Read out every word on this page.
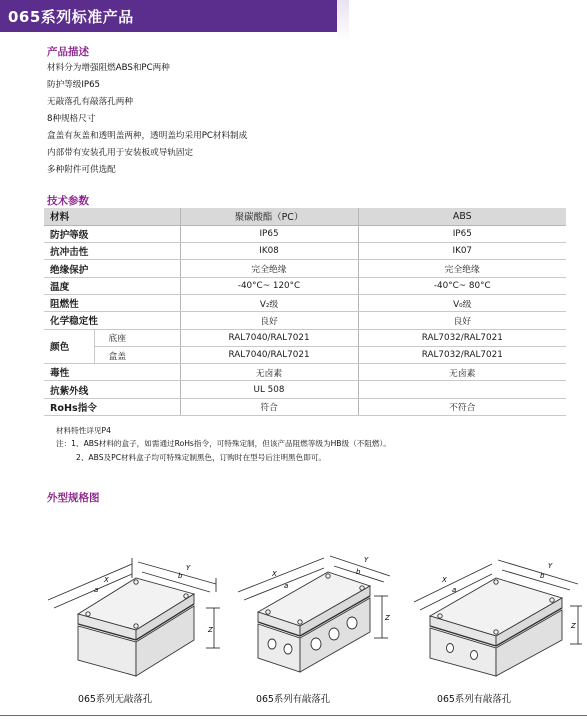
065系列标准产品
产品描述
材料分为增强阻燃ABS和PC两种
防护等级IP65
无敲落孔有敲落孔两种
8种规格尺寸
盒盖有灰盖和透明盖两种，透明盖均采用PC材料制成
内部带有安装孔用于安装板或导轨固定
多种附件可供选配
技术参数
材料		聚碳酸酯（PC）	ABS
防护等级		IP65	IP65
抗冲击性		IK08	IK07
绝缘保护		完全绝缘	完全绝缘
温度		-40°C~ 120°C	-40°C~ 80°C
阻燃性		V₂级	V₀级
化学稳定性		良好	良好
颜色	底座	RAL7040/RAL7021	RAL7032/RAL7021
	盒盖	RAL7040/RAL7021	RAL7032/RAL7021
毒性		无卤素	无卤素
抗紫外线		UL 508	
RoHs指令		符合	不符合
材料特性详见P4
注：1、ABS材料的盒子，如需通过RoHs指令，可特殊定制，但该产品阻燃等级为HB级（不阻燃）。
2、ABS及PC材料盒子均可特殊定制黑色，订购时在型号后注明黑色即可。
外型规格图
X
a
Y
b
Z
X
a
Y
b
Z
X
a
Y
b
Z
065系列无敲落孔	065系列有敲落孔	065系列有敲落孔
